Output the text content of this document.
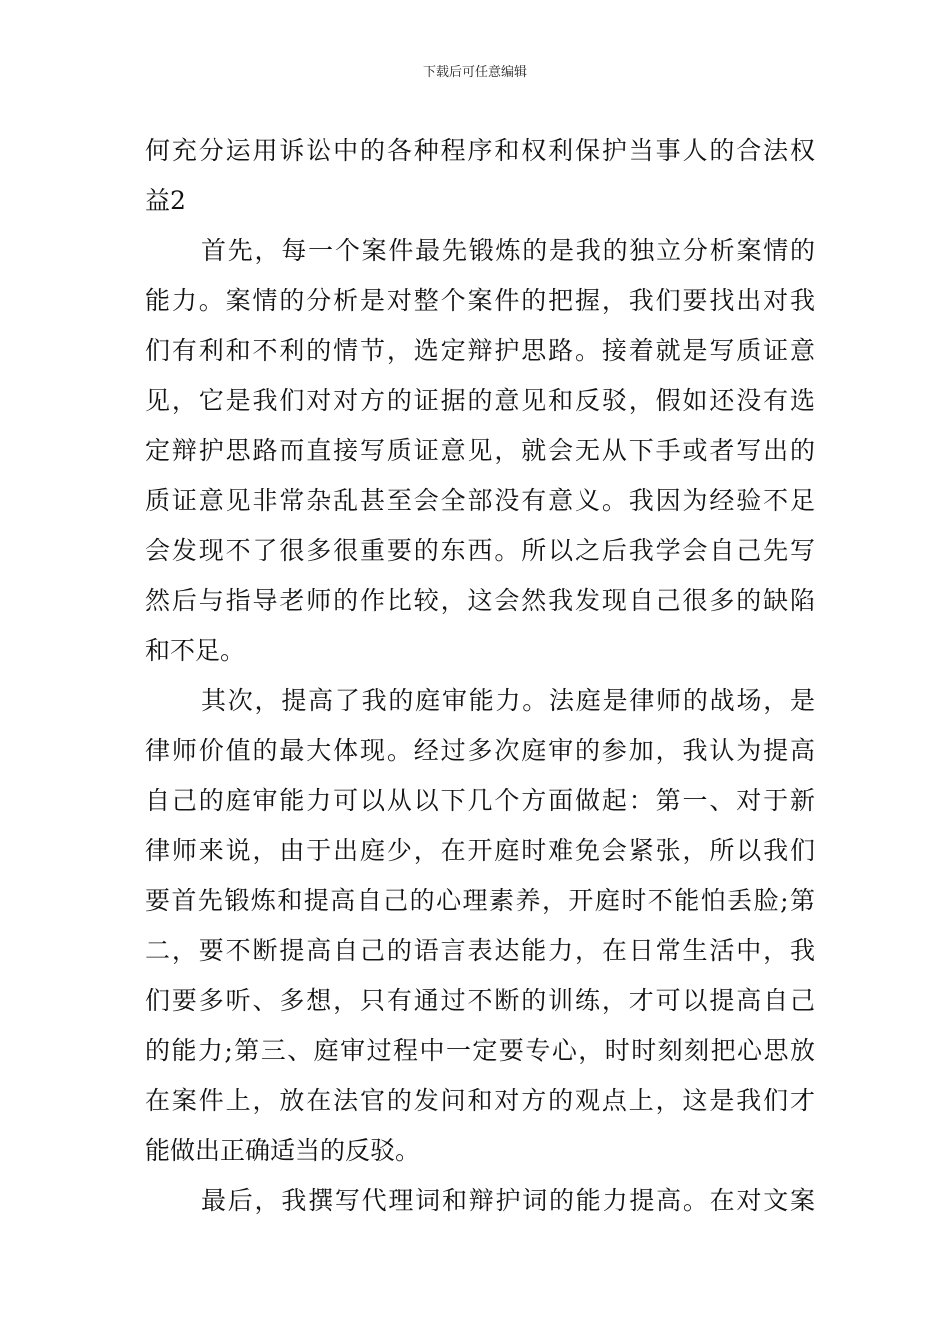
下载后可任意编辑
何充分运用诉讼中的各种程序和权利保护当事人的合法权
益2
首先，每一个案件最先锻炼的是我的独立分析案情的
能力。案情的分析是对整个案件的把握，我们要找出对我
们有利和不利的情节，选定辩护思路。接着就是写质证意
见，它是我们对对方的证据的意见和反驳，假如还没有选
定辩护思路而直接写质证意见，就会无从下手或者写出的
质证意见非常杂乱甚至会全部没有意义。我因为经验不足
会发现不了很多很重要的东西。所以之后我学会自己先写
然后与指导老师的作比较，这会然我发现自己很多的缺陷
和不足。
其次，提高了我的庭审能力。法庭是律师的战场，是
律师价值的最大体现。经过多次庭审的参加，我认为提高
自己的庭审能力可以从以下几个方面做起：第一、对于新
律师来说，由于出庭少，在开庭时难免会紧张，所以我们
要首先锻炼和提高自己的心理素养，开庭时不能怕丢脸;第
二，要不断提高自己的语言表达能力，在日常生活中，我
们要多听、多想，只有通过不断的训练，才可以提高自己
的能力;第三、庭审过程中一定要专心，时时刻刻把心思放
在案件上，放在法官的发问和对方的观点上，这是我们才
能做出正确适当的反驳。
最后，我撰写代理词和辩护词的能力提高。在对文案
